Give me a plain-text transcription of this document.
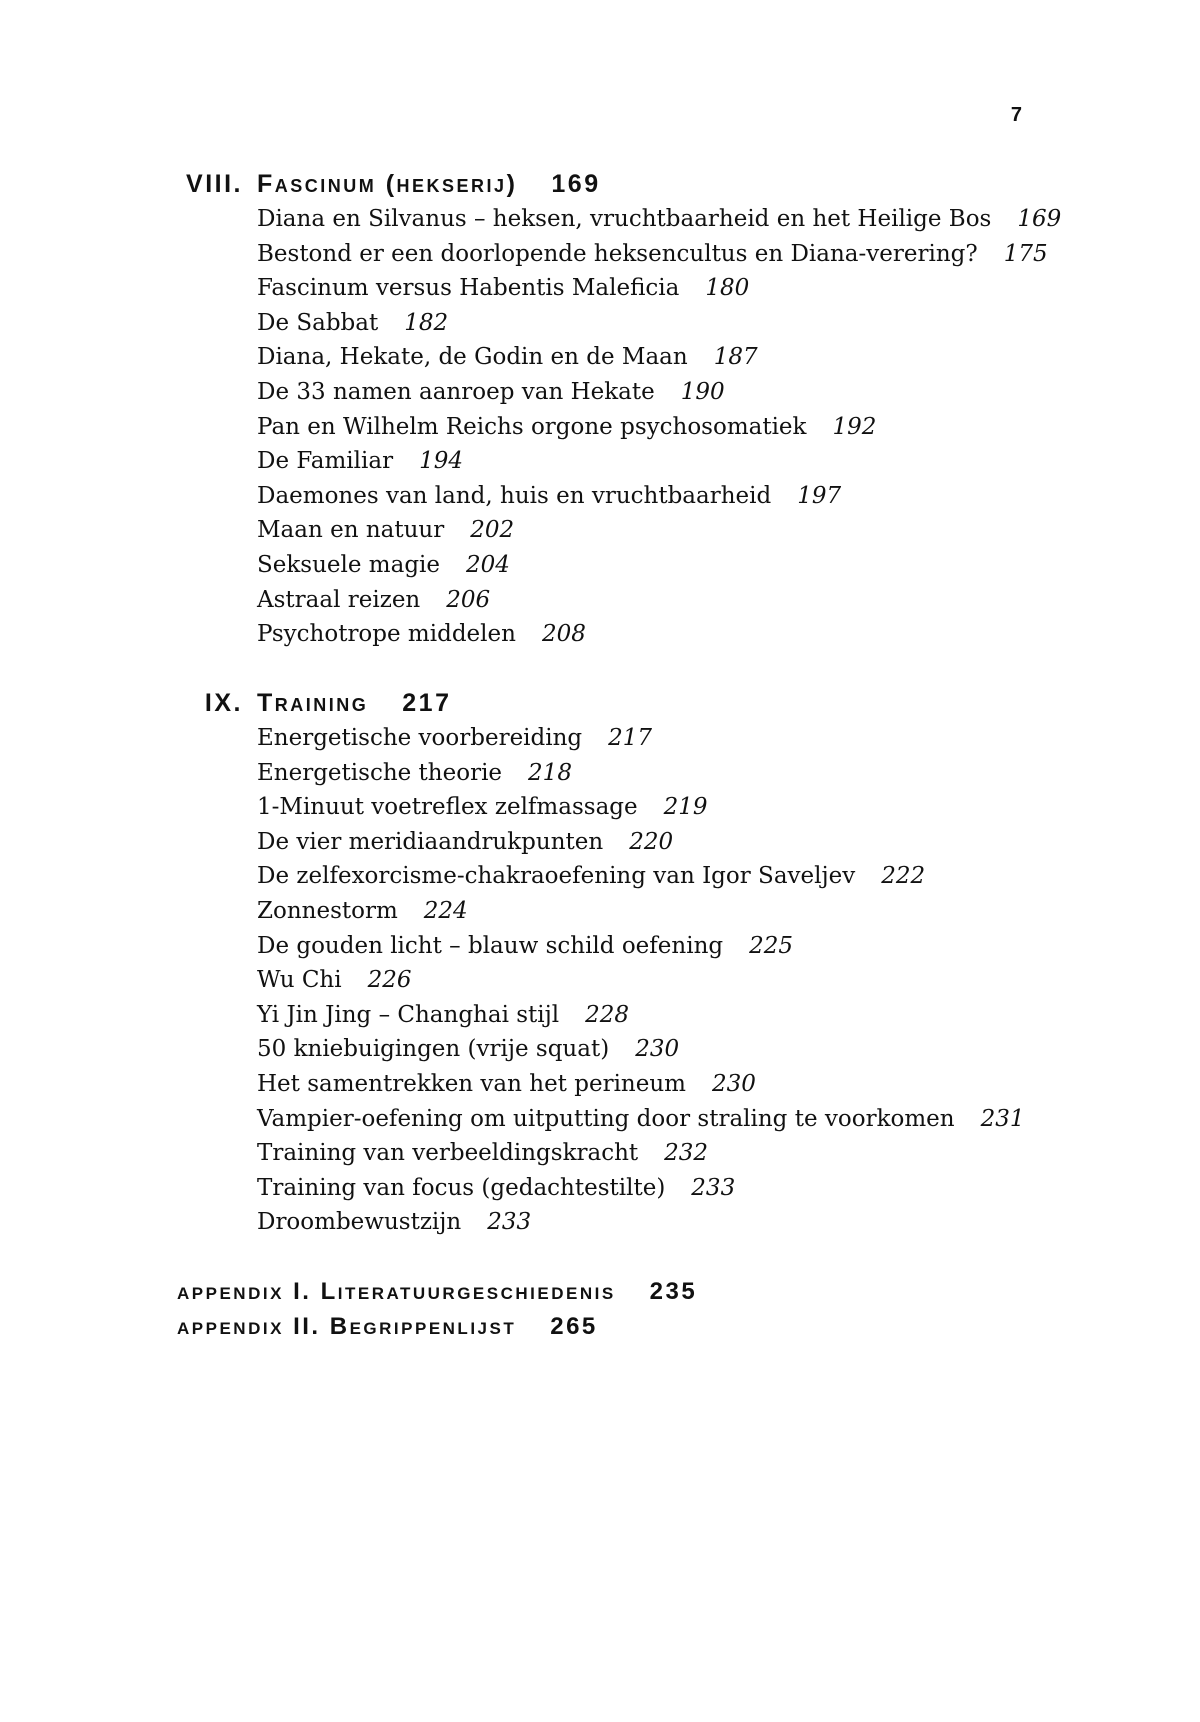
7

VIII. Fascinum (hekserij) 169
Diana en Silvanus – heksen, vruchtbaarheid en het Heilige Bos 169
Bestond er een doorlopende heksencultus en Diana-verering? 175
Fascinum versus Habentis Maleficia 180
De Sabbat 182
Diana, Hekate, de Godin en de Maan 187
De 33 namen aanroep van Hekate 190
Pan en Wilhelm Reichs orgone psychosomatiek 192
De Familiar 194
Daemones van land, huis en vruchtbaarheid 197
Maan en natuur 202
Seksuele magie 204
Astraal reizen 206
Psychotrope middelen 208
IX. Training 217
Energetische voorbereiding 217
Energetische theorie 218
1-Minuut voetreflex zelfmassage 219
De vier meridiaandrukpunten 220
De zelfexorcisme-chakraoefening van Igor Saveljev 222
Zonnestorm 224
De gouden licht – blauw schild oefening 225
Wu Chi 226
Yi Jin Jing – Changhai stijl 228
50 kniebuigingen (vrije squat) 230
Het samentrekken van het perineum 230
Vampier-oefening om uitputting door straling te voorkomen 231
Training van verbeeldingskracht 232
Training van focus (gedachtestilte) 233
Droombewustzijn 233

appendix I. Literatuurgeschiedenis 235

appendix II. Begrippenlijst 265
